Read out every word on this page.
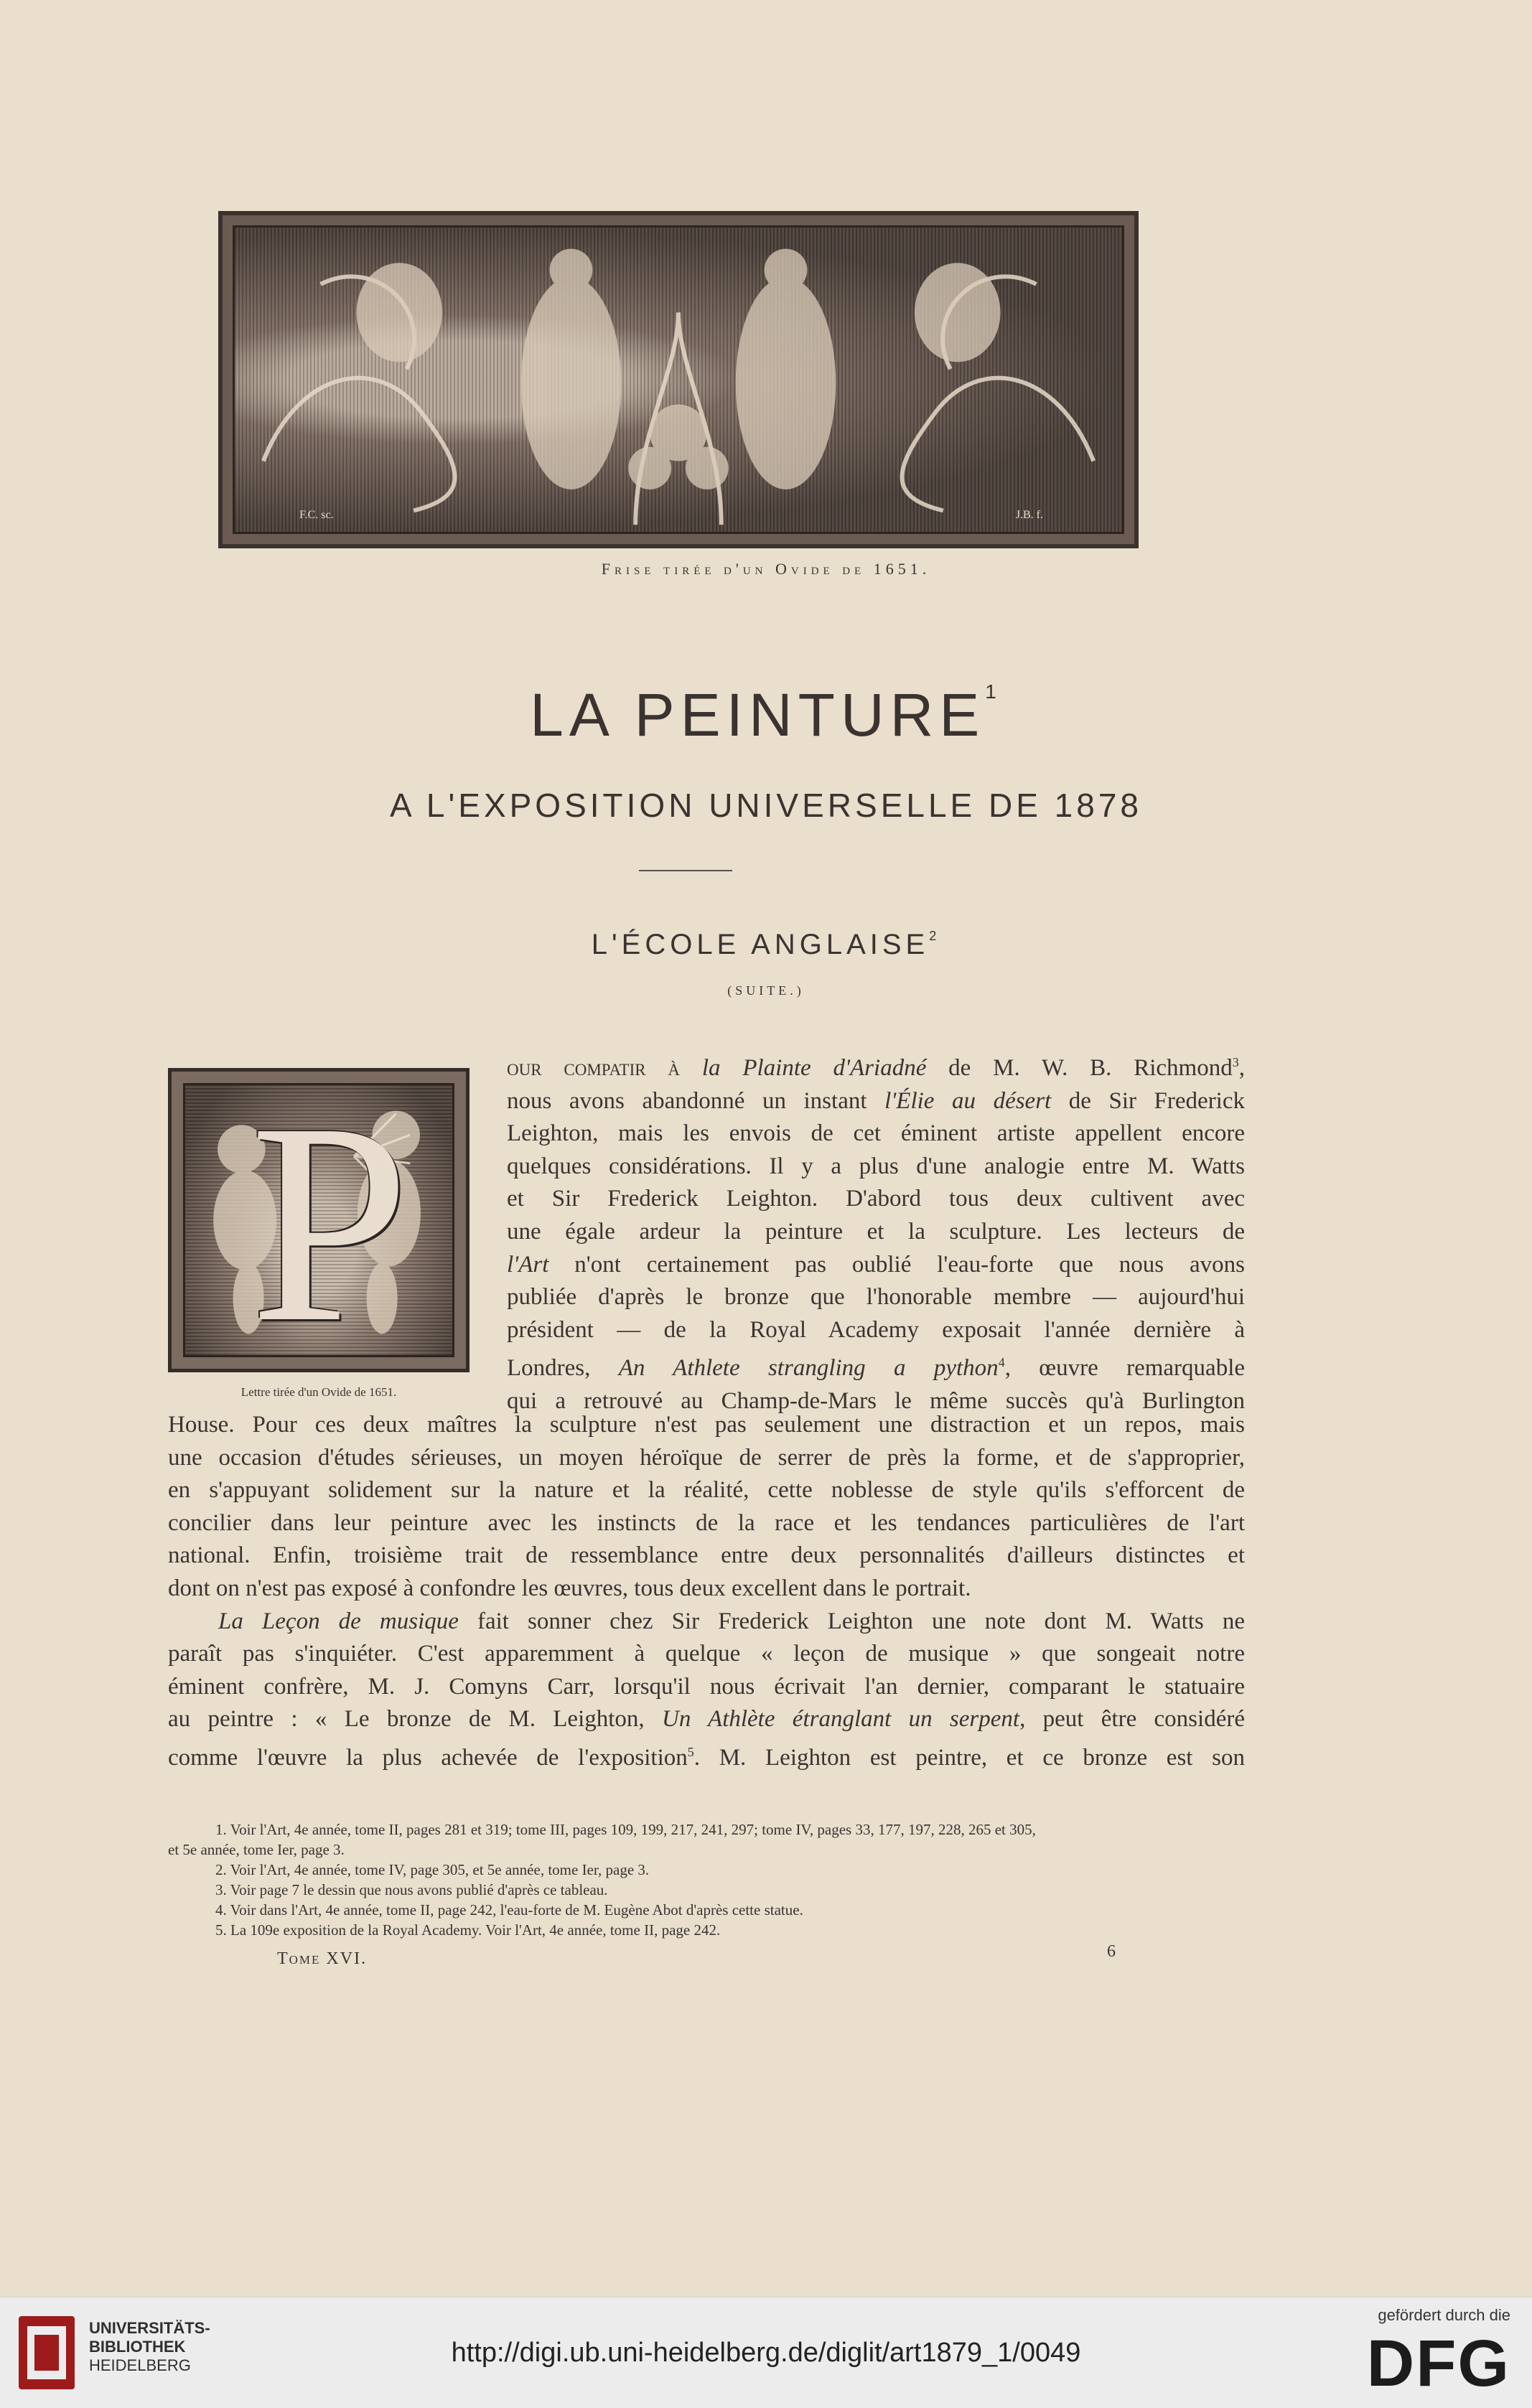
F.C. sc.	J.B. f.
Frise tirée d'un Ovide de 1651.
LA PEINTURE$^1$
A L'EXPOSITION UNIVERSELLE DE 1878
L'ÉCOLE ANGLAISE$^2$
(SUITE.)
P
Lettre tirée d'un Ovide de 1651.
our compatir à la Plainte d'Ariadné de M. W. B. Richmond$^3$,
nous avons abandonné un instant l'Élie au désert de Sir Frederick
Leighton, mais les envois de cet éminent artiste appellent encore
quelques considérations. Il y a plus d'une analogie entre M. Watts
et Sir Frederick Leighton. D'abord tous deux cultivent avec
une égale ardeur la peinture et la sculpture. Les lecteurs de
l'Art n'ont certainement pas oublié l'eau-forte que nous avons
publiée d'après le bronze que l'honorable membre — aujourd'hui
président — de la Royal Academy exposait l'année dernière à
Londres, An Athlete strangling a python$^4$, œuvre remarquable
qui a retrouvé au Champ-de-Mars le même succès qu'à Burlington
House. Pour ces deux maîtres la sculpture n'est pas seulement une distraction et un repos, mais
une occasion d'études sérieuses, un moyen héroïque de serrer de près la forme, et de s'approprier,
en s'appuyant solidement sur la nature et la réalité, cette noblesse de style qu'ils s'efforcent de
concilier dans leur peinture avec les instincts de la race et les tendances particulières de l'art
national. Enfin, troisième trait de ressemblance entre deux personnalités d'ailleurs distinctes et
dont on n'est pas exposé à confondre les œuvres, tous deux excellent dans le portrait.
La Leçon de musique fait sonner chez Sir Frederick Leighton une note dont M. Watts ne
paraît pas s'inquiéter. C'est apparemment à quelque « leçon de musique » que songeait notre
éminent confrère, M. J. Comyns Carr, lorsqu'il nous écrivait l'an dernier, comparant le statuaire
au peintre : « Le bronze de M. Leighton, Un Athlète étranglant un serpent, peut être considéré
comme l'œuvre la plus achevée de l'exposition$^5$. M. Leighton est peintre, et ce bronze est son
1. Voir l'Art, 4e année, tome II, pages 281 et 319; tome III, pages 109, 199, 217, 241, 297; tome IV, pages 33, 177, 197, 228, 265 et 305,
et 5e année, tome Ier, page 3.
2. Voir l'Art, 4e année, tome IV, page 305, et 5e année, tome Ier, page 3.
3. Voir page 7 le dessin que nous avons publié d'après ce tableau.
4. Voir dans l'Art, 4e année, tome II, page 242, l'eau-forte de M. Eugène Abot d'après cette statue.
5. La 109e exposition de la Royal Academy. Voir l'Art, 4e année, tome II, page 242.
Tome XVI.	6
UNIVERSITÄTS-
BIBLIOTHEK
HEIDELBERG	http://digi.ub.uni-heidelberg.de/diglit/art1879_1/0049
gefördert durch die
DFG
